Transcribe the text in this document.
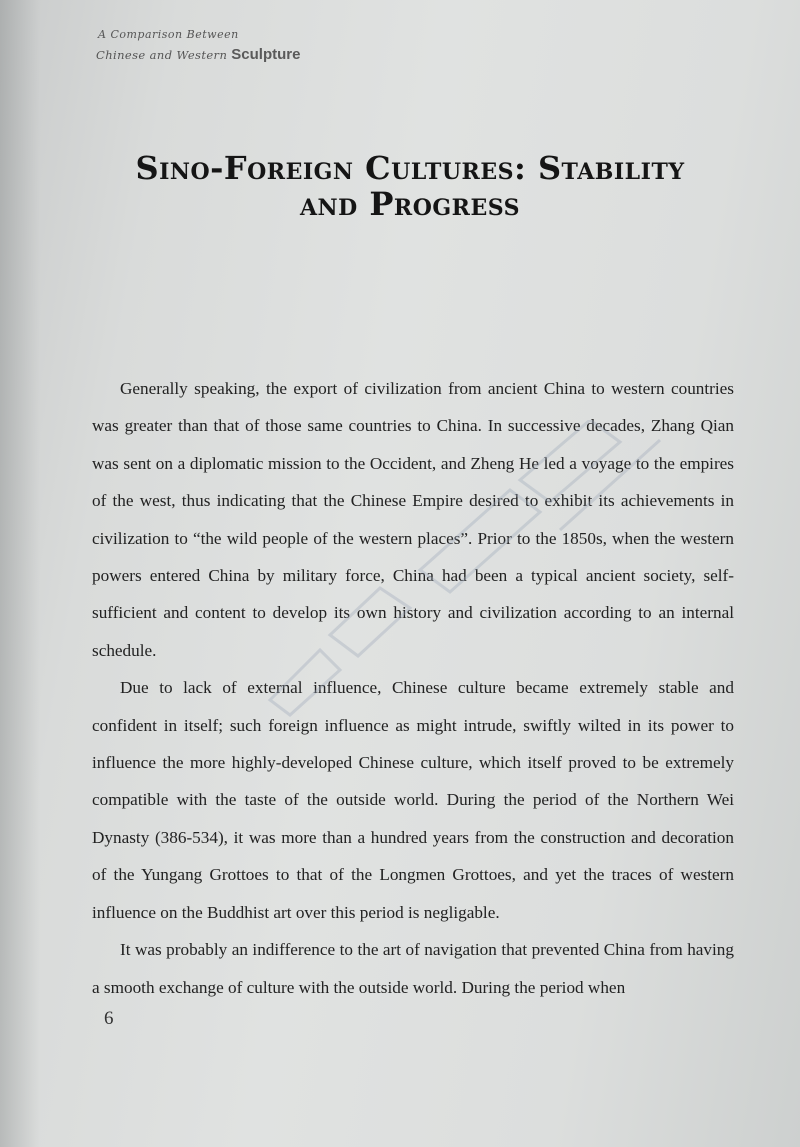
A Comparison Between
Chinese and Western Sculpture
Sino-Foreign Cultures: Stability
and Progress

Generally speaking, the export of civilization from ancient China to western countries was greater than that of those same countries to China. In successive decades, Zhang Qian was sent on a diplomatic mission to the Occident, and Zheng He led a voyage to the empires of the west, thus indicating that the Chinese Empire desired to exhibit its achievements in civilization to “the wild people of the western places”. Prior to the 1850s, when the western powers entered China by military force, China had been a typical ancient society, self-sufficient and content to develop its own history and civilization according to an internal schedule.

Due to lack of external influence, Chinese culture became extremely stable and confident in itself; such foreign influence as might intrude, swiftly wilted in its power to influence the more highly-developed Chinese culture, which itself proved to be extremely compatible with the taste of the outside world. During the period of the Northern Wei Dynasty (386-534), it was more than a hundred years from the construction and decoration of the Yungang Grottoes to that of the Longmen Grottoes, and yet the traces of western influence on the Buddhist art over this period is negligable.

It was probably an indifference to the art of navigation that prevented China from having a smooth exchange of culture with the outside world. During the period when

6
